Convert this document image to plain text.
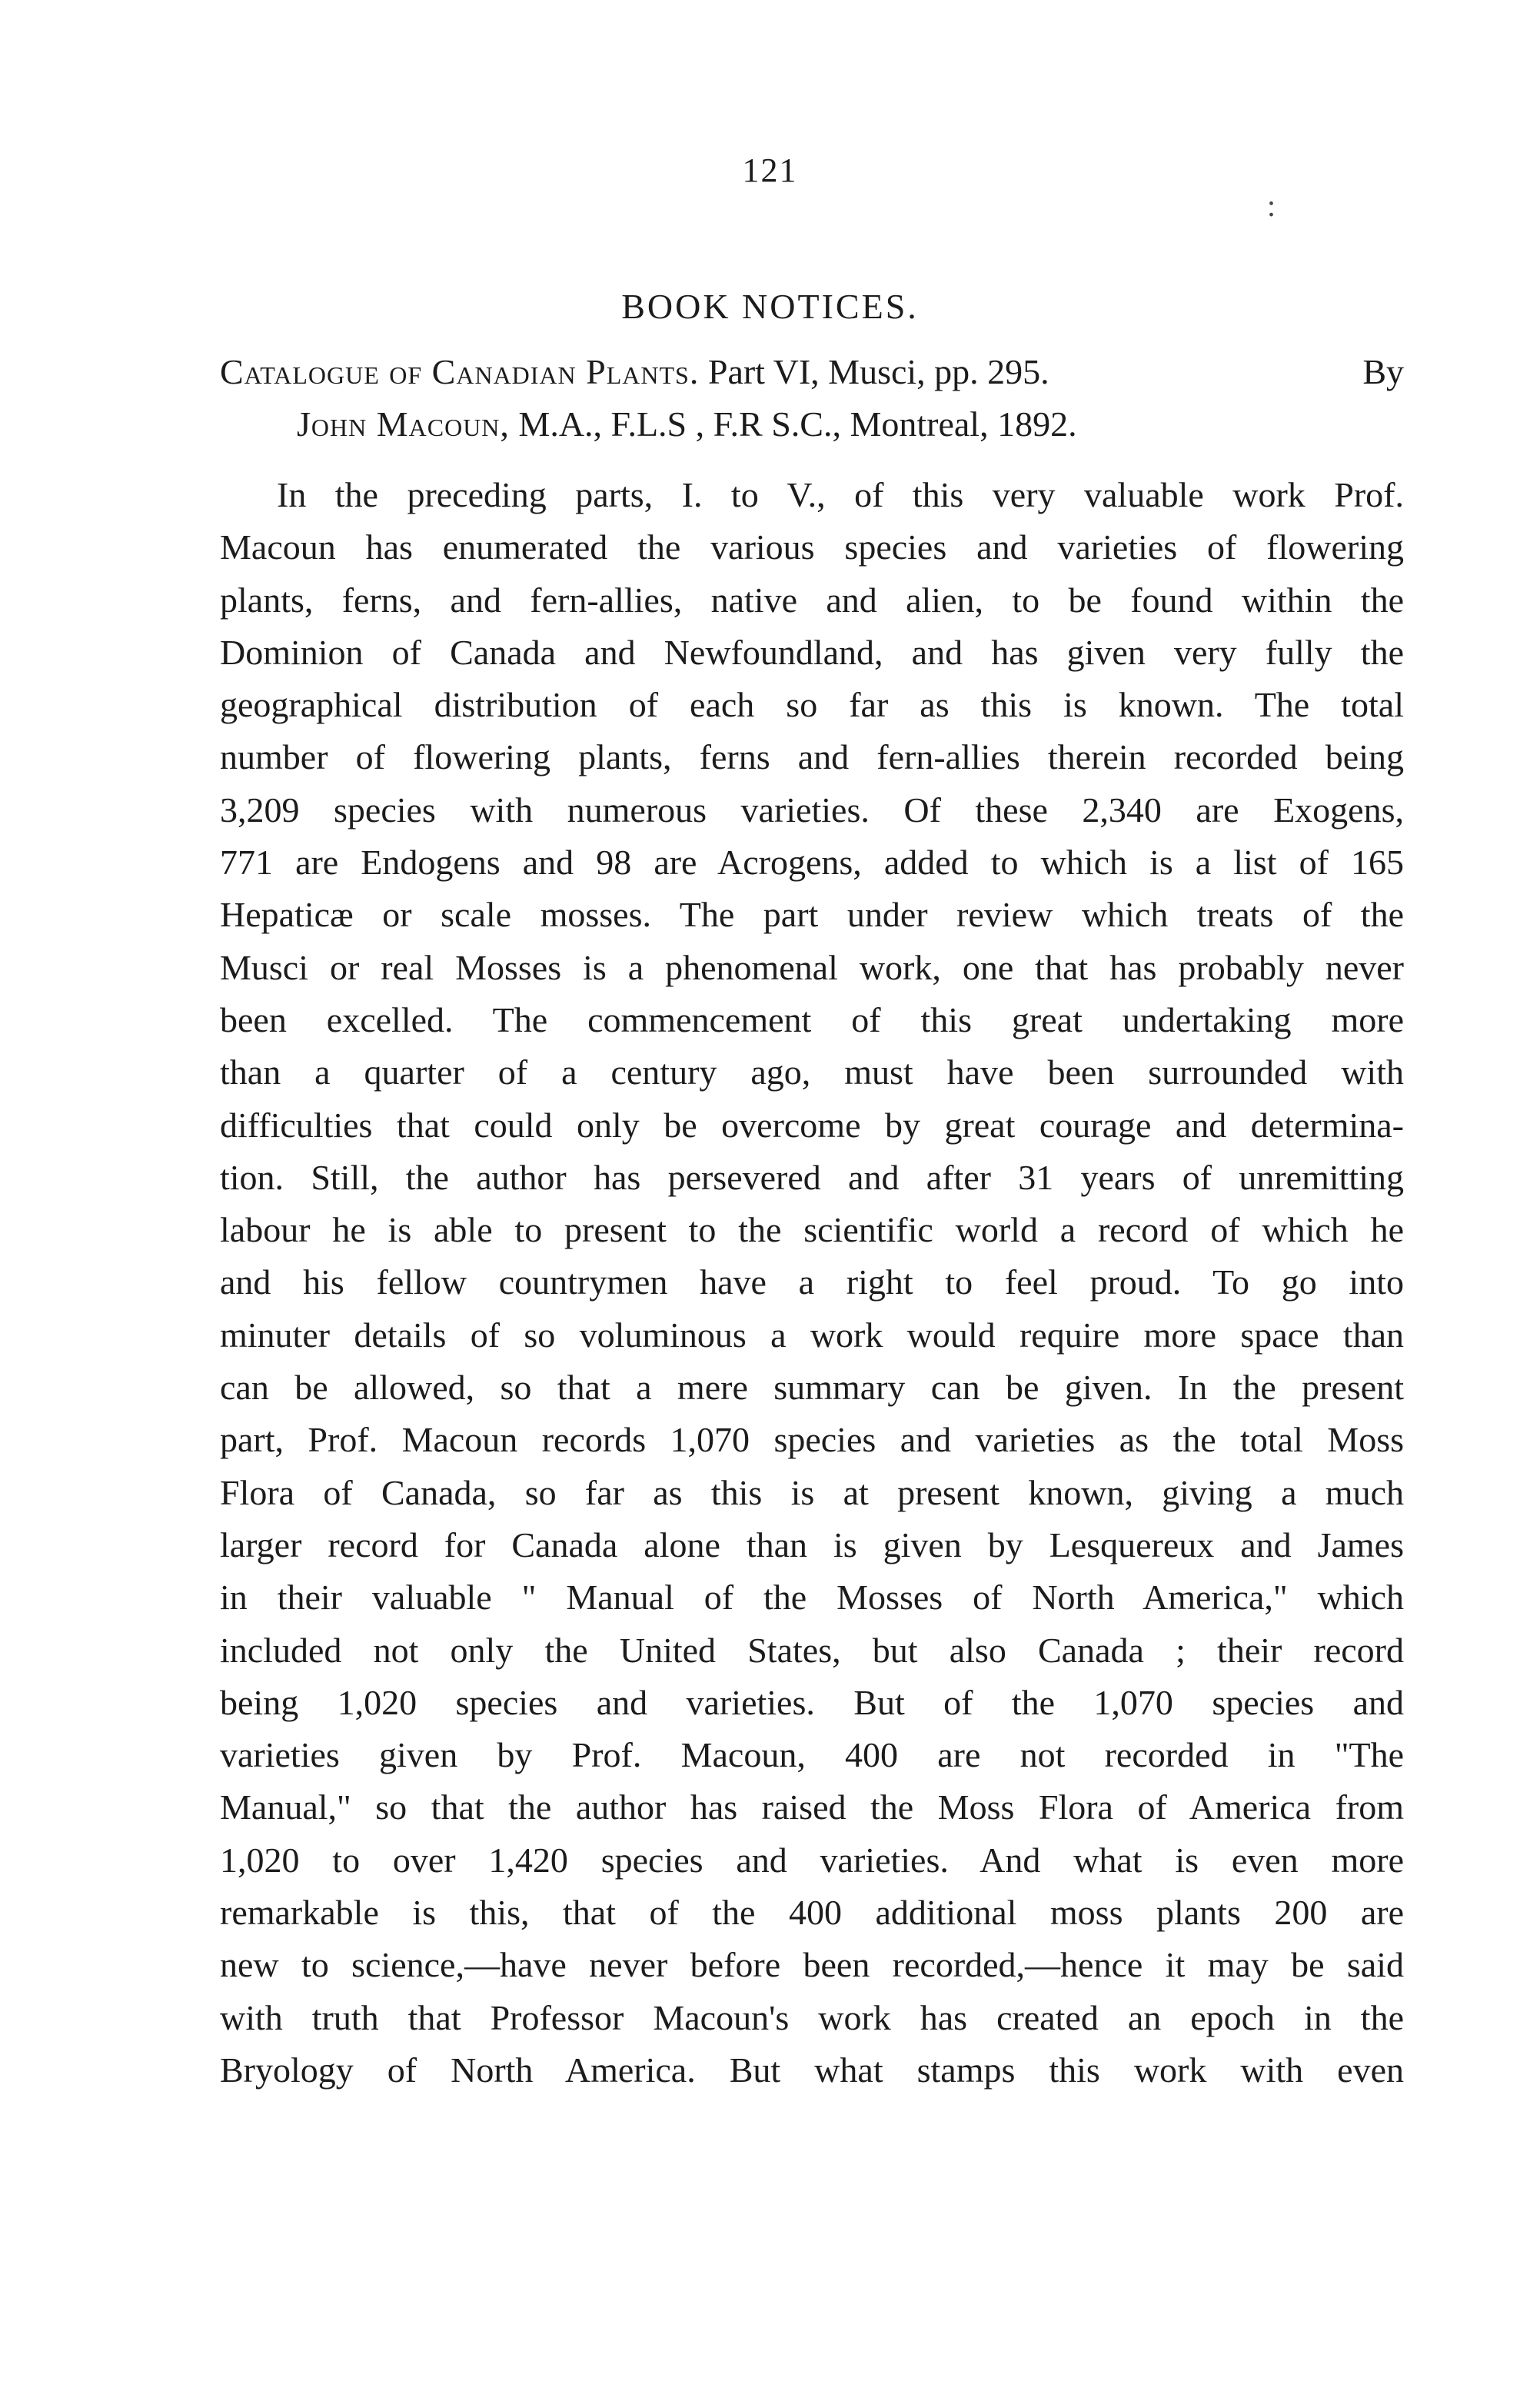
121
:
BOOK NOTICES.
Catalogue of Canadian Plants. Part VI, Musci, pp. 295.	By
John Macoun, M.A., F.L.S , F.R S.C., Montreal, 1892.
In the preceding parts, I. to V., of this very valuable work Prof.
Macoun has enumerated the various species and varieties of flowering
plants, ferns, and fern-allies, native and alien, to be found within the
Dominion of Canada and Newfoundland, and has given very fully the
geographical distribution of each so far as this is known. The total
number of flowering plants, ferns and fern-allies therein recorded being
3,209 species with numerous varieties. Of these 2,340 are Exogens,
771 are Endogens and 98 are Acrogens, added to which is a list of 165
Hepaticæ or scale mosses. The part under review which treats of the
Musci or real Mosses is a phenomenal work, one that has probably never
been excelled. The commencement of this great undertaking more
than a quarter of a century ago, must have been surrounded with
difficulties that could only be overcome by great courage and determina-
tion. Still, the author has persevered and after 31 years of unremitting
labour he is able to present to the scientific world a record of which he
and his fellow countrymen have a right to feel proud. To go into
minuter details of so voluminous a work would require more space than
can be allowed, so that a mere summary can be given. In the present
part, Prof. Macoun records 1,070 species and varieties as the total Moss
Flora of Canada, so far as this is at present known, giving a much
larger record for Canada alone than is given by Lesquereux and James
in their valuable " Manual of the Mosses of North America," which
included not only the United States, but also Canada ; their record
being 1,020 species and varieties. But of the 1,070 species and
varieties given by Prof. Macoun, 400 are not recorded in "The
Manual," so that the author has raised the Moss Flora of America from
1,020 to over 1,420 species and varieties. And what is even more
remarkable is this, that of the 400 additional moss plants 200 are
new to science,—have never before been recorded,—hence it may be said
with truth that Professor Macoun's work has created an epoch in the
Bryology of North America. But what stamps this work with even
